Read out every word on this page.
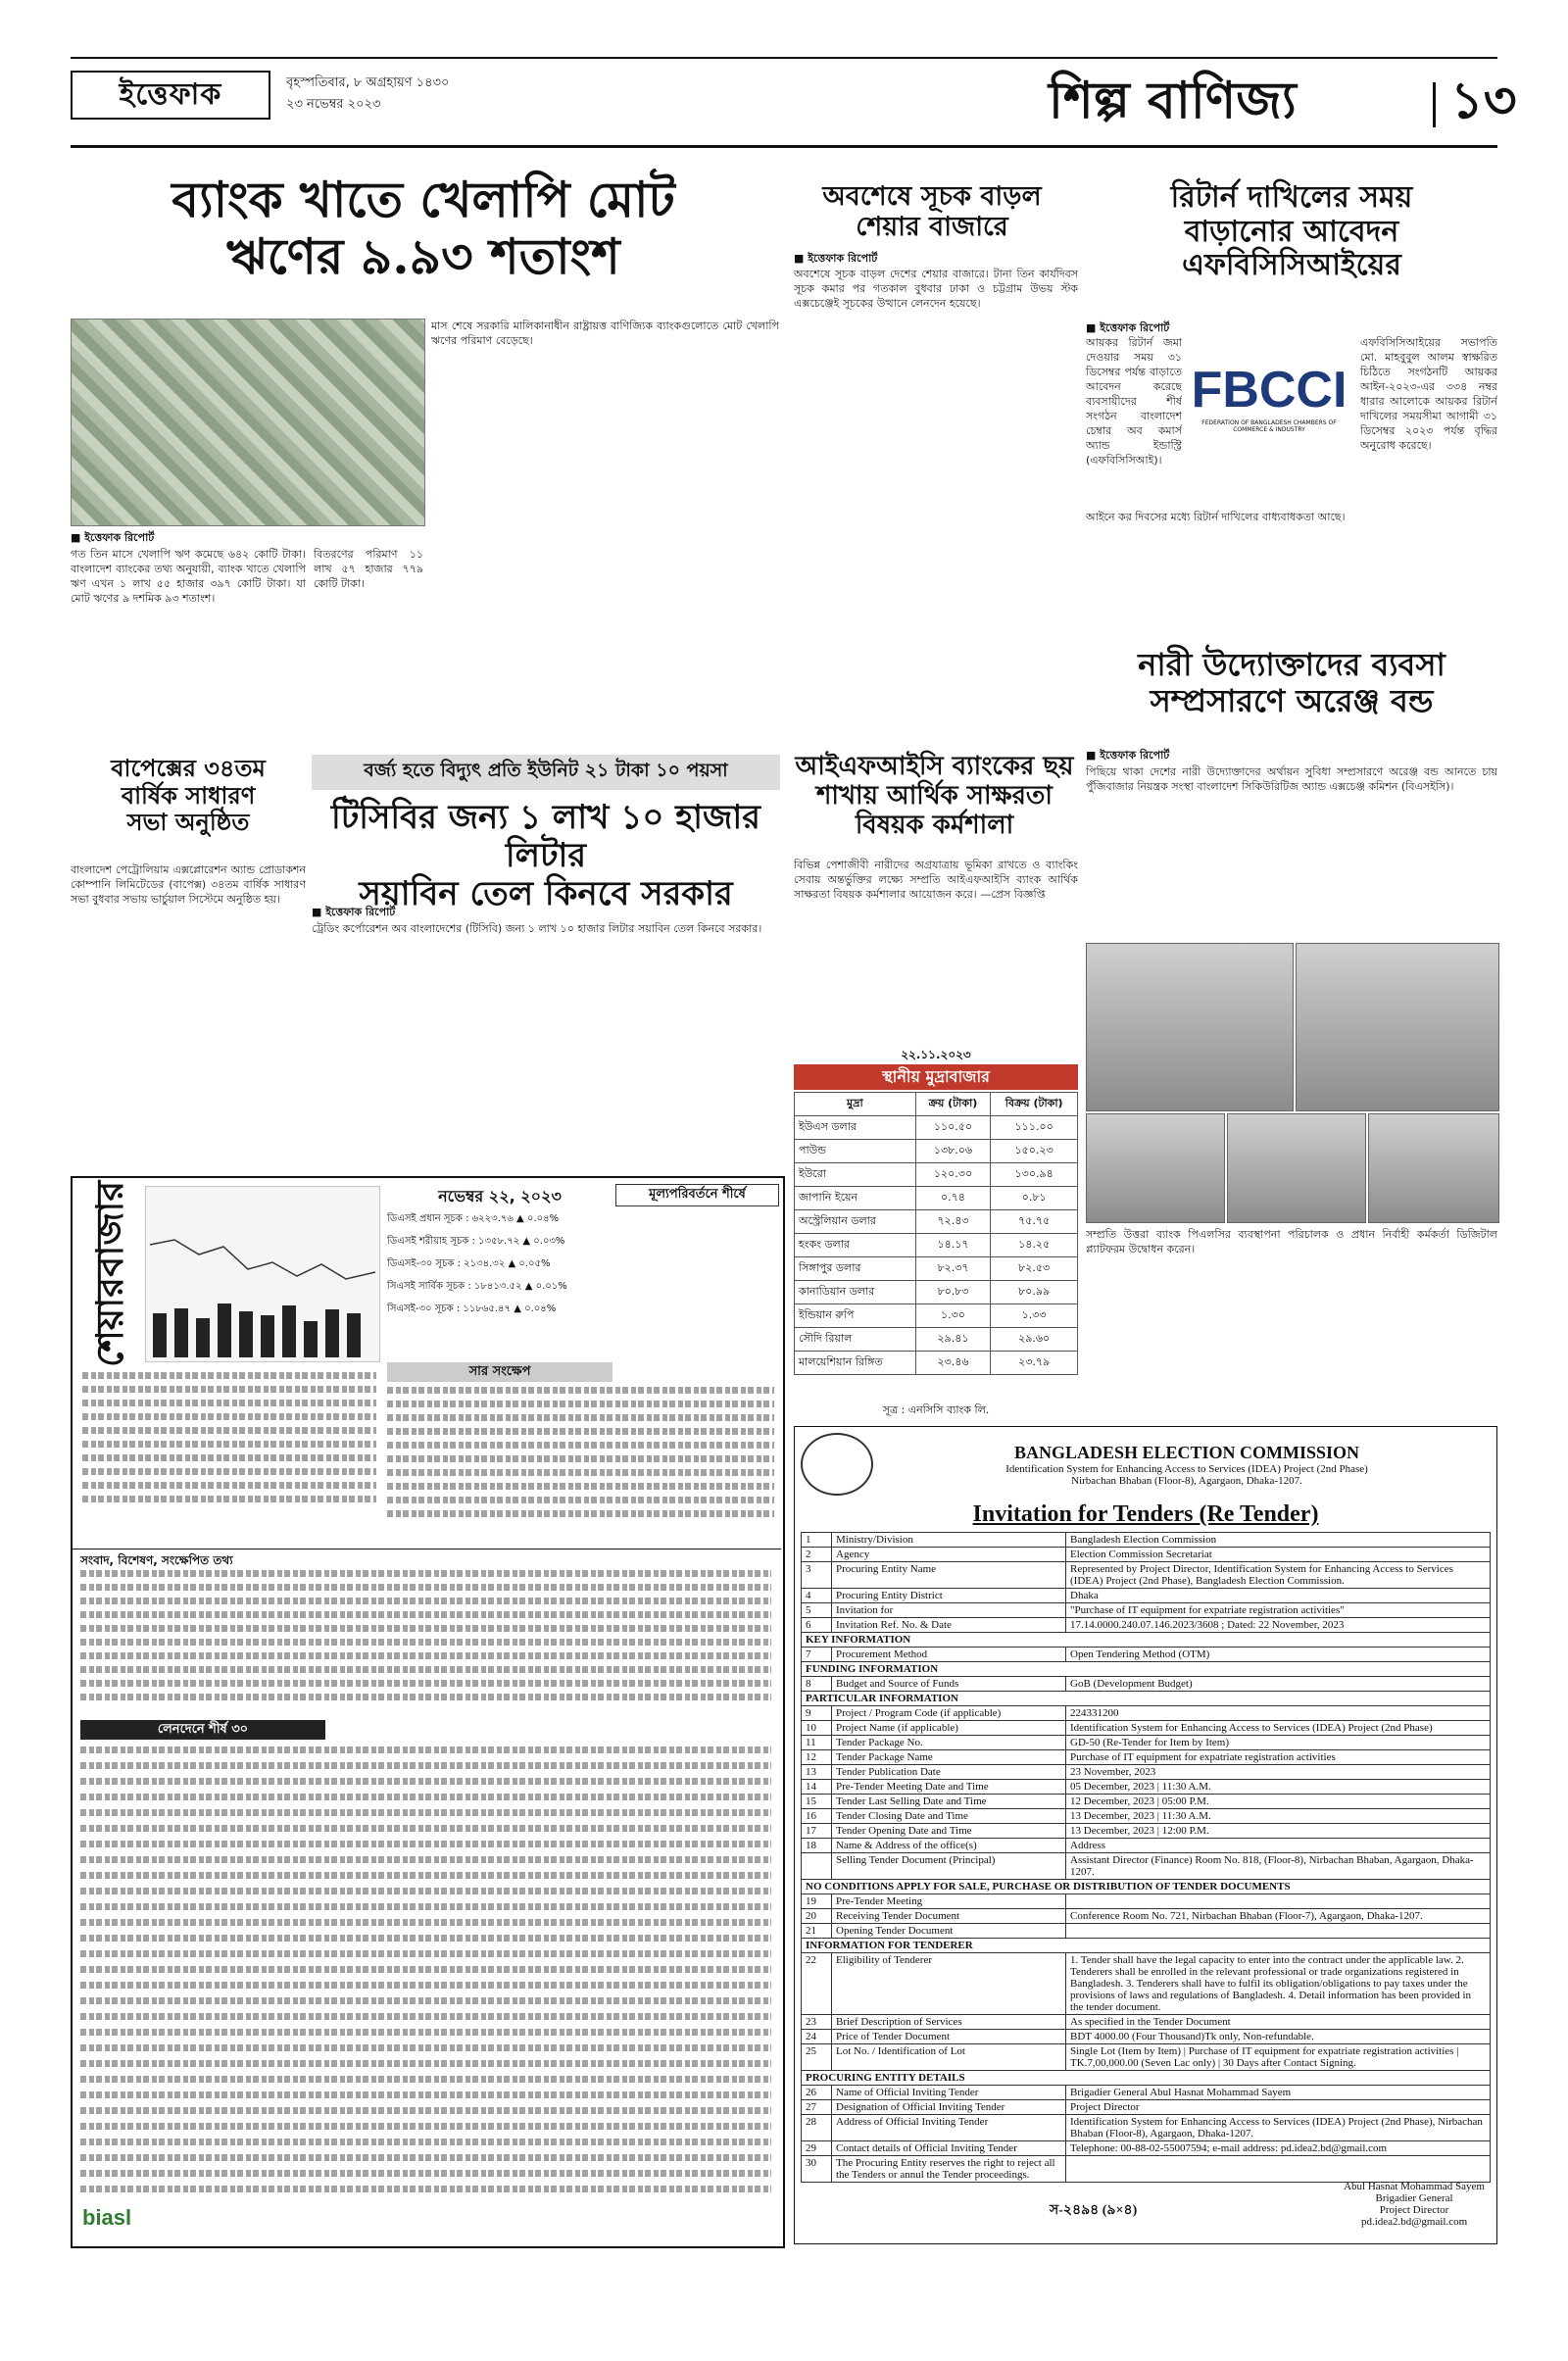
ইত্তেফাক	বৃহস্পতিবার, ৮ অগ্রহায়ণ ১৪৩০
২৩ নভেম্বর ২০২৩	শিল্প বাণিজ্য	১৩
ব্যাংক খাতে খেলাপি মোট
ঋণের ৯.৯৩ শতাংশ
■ ইত্তেফাক রিপোর্ট
গত তিন মাসে খেলাপি ঋণ কমেছে ৬৪২ কোটি টাকা। বাংলাদেশ ব্যাংকের তথ্য অনুযায়ী, ব্যাংক খাতে খেলাপি ঋণ এখন ১ লাখ ৫৫ হাজার ৩৯৭ কোটি টাকা। যা মোট ঋণের ৯ দশমিক ৯৩ শতাংশ।
বিতরণের পরিমাণ ১১ লাখ ৫৭ হাজার ৭৭৯ কোটি টাকা।
মাস শেষে সরকারি মালিকানাধীন রাষ্ট্রায়ত্ত বাণিজ্যিক ব্যাংকগুলোতে মোট খেলাপি ঋণের পরিমাণ বেড়েছে।
বাপেক্সের ৩৪তম
বার্ষিক সাধারণ
সভা অনুষ্ঠিত
বাংলাদেশ পেট্রোলিয়াম এক্সপ্লোরেশন অ্যান্ড প্রোডাকশন কোম্পানি লিমিটেডের (বাপেক্স) ৩৪তম বার্ষিক সাধারণ সভা বুধবার সভায় ভার্চুয়াল সিস্টেমে অনুষ্ঠিত হয়।
বর্জ্য হতে বিদ্যুৎ প্রতি ইউনিট ২১ টাকা ১০ পয়সা
টিসিবির জন্য ১ লাখ ১০ হাজার লিটার
সয়াবিন তেল কিনবে সরকার
■ ইত্তেফাক রিপোর্ট
ট্রেডিং কর্পোরেশন অব বাংলাদেশের (টিসিবি) জন্য ১ লাখ ১০ হাজার লিটার সয়াবিন তেল কিনবে সরকার।
অবশেষে সূচক বাড়ল
শেয়ার বাজারে
■ ইত্তেফাক রিপোর্ট
অবশেষে সূচক বাড়ল দেশের শেয়ার বাজারে। টানা তিন কার্যদিবস সূচক কমার পর গতকাল বুধবার ঢাকা ও চট্টগ্রাম উভয় স্টক এক্সচেঞ্জেই সূচকের উত্থানে লেনদেন হয়েছে।
আইএফআইসি ব্যাংকের ছয়
শাখায় আর্থিক সাক্ষরতা
বিষয়ক কর্মশালা
বিভিন্ন পেশাজীবী নারীদের অগ্রযাত্রায় ভূমিকা রাখতে ও ব্যাংকিং সেবায় অন্তর্ভুক্তির লক্ষ্যে সম্প্রতি আইএফআইসি ব্যাংক আর্থিক সাক্ষরতা বিষয়ক কর্মশালার আয়োজন করে। —প্রেস বিজ্ঞপ্তি
২২.১১.২০২৩
স্থানীয় মুদ্রাবাজার
মুদ্রা	ক্রয় (টাকা)	বিক্রয় (টাকা)
ইউএস ডলার	১১০.৫০	১১১.০০
পাউন্ড	১৩৮.০৬	১৫০.২৩
ইউরো	১২০.৩০	১৩০.৯৪
জাপানি ইয়েন	০.৭৪	০.৮১
অস্ট্রেলিয়ান ডলার	৭২.৪৩	৭৫.৭৫
হংকং ডলার	১৪.১৭	১৪.২৫
সিঙ্গাপুর ডলার	৮২.৩৭	৮২.৫৩
কানাডিয়ান ডলার	৮০.৮৩	৮০.৯৯
ইন্ডিয়ান রুপি	১.৩০	১.৩৩
সৌদি রিয়াল	২৯.৪১	২৯.৬০
মালয়েশিয়ান রিঙ্গিত	২৩.৪৬	২৩.৭৯
সূত্র : এনসিসি ব্যাংক লি.
রিটার্ন দাখিলের সময়
বাড়ানোর আবেদন
এফবিসিসিআইয়ের
■ ইত্তেফাক রিপোর্ট
FBCCI
FEDERATION OF BANGLADESH CHAMBERS OF COMMERCE & INDUSTRY
আয়কর রিটার্ন জমা দেওয়ার সময় ৩১ ডিসেম্বর পর্যন্ত বাড়াতে আবেদন করেছে ব্যবসায়ীদের শীর্ষ সংগঠন বাংলাদেশ চেম্বার অব কমার্স অ্যান্ড ইন্ডাস্ট্রি (এফবিসিসিআই)।
এফবিসিসিআইয়ের সভাপতি মো. মাহবুবুল আলম স্বাক্ষরিত চিঠিতে সংগঠনটি আয়কর আইন-২০২৩-এর ৩৩৪ নম্বর ধারার আলোকে আয়কর রিটার্ন দাখিলের সময়সীমা আগামী ৩১ ডিসেম্বর ২০২৩ পর্যন্ত বৃদ্ধির অনুরোধ করেছে।
আইনে কর দিবসের মধ্যে রিটার্ন দাখিলের বাধ্যবাধকতা আছে।
নারী উদ্যোক্তাদের ব্যবসা
সম্প্রসারণে অরেঞ্জ বন্ড
■ ইত্তেফাক রিপোর্ট
পিছিয়ে থাকা দেশের নারী উদ্যোক্তাদের অর্থায়ন সুবিধা সম্প্রসারণে অরেঞ্জ বন্ড আনতে চায় পুঁজিবাজার নিয়ন্ত্রক সংস্থা বাংলাদেশ সিকিউরিটিজ অ্যান্ড এক্সচেঞ্জ কমিশন (বিএসইসি)।
সম্প্রতি উত্তরা ব্যাংক পিএলসির ব্যবস্থাপনা পরিচালক ও প্রধান নির্বাহী কর্মকর্তা ডিজিটাল প্ল্যাটফরম উদ্বোধন করেন।
শেয়ারবাজার	নভেম্বর ২২, ২০২৩	মূল্যপরিবর্তনে শীর্ষে
ডিএসই প্রধান সূচক : ৬২২৩.৭৬ ▲ ০.০৪%
ডিএসই শরীয়াহ সূচক : ১৩৫৮.৭২ ▲ ০.০৩%
ডিএসই-৩০ সূচক : ২১৩৪.৩২ ▲ ০.০৫%
সিএসই সার্বিক সূচক : ১৮৪১৩.৫২ ▲ ০.০১%
সিএসই-৩০ সূচক : ১১৮৬৫.৪৭ ▲ ০.০৪%
সার সংক্ষেপ
সংবাদ, বিশেষণ, সংক্ষেপিত তথ্য
লেনদেনে শীর্ষ ৩০
biasl
BANGLADESH ELECTION COMMISSION
Identification System for Enhancing Access to Services (IDEA) Project (2nd Phase)
Nirbachan Bhaban (Floor-8), Agargaon, Dhaka-1207.
Invitation for Tenders (Re Tender)
1	Ministry/Division	Bangladesh Election Commission
2	Agency	Election Commission Secretariat
3	Procuring Entity Name	Represented by Project Director, Identification System for Enhancing Access to Services (IDEA) Project (2nd Phase), Bangladesh Election Commission.
4	Procuring Entity District	Dhaka
5	Invitation for	"Purchase of IT equipment for expatriate registration activities"
6	Invitation Ref. No. & Date	17.14.0000.240.07.146.2023/3608 ; Dated: 22 November, 2023
KEY INFORMATION		
7	Procurement Method	Open Tendering Method (OTM)
FUNDING INFORMATION		
8	Budget and Source of Funds	GoB (Development Budget)
PARTICULAR INFORMATION		
9	Project / Program Code (if applicable)	224331200
10	Project Name (if applicable)	Identification System for Enhancing Access to Services (IDEA) Project (2nd Phase)
11	Tender Package No.	GD-50 (Re-Tender for Item by Item)
12	Tender Package Name	Purchase of IT equipment for expatriate registration activities
13	Tender Publication Date	23 November, 2023
14	Pre-Tender Meeting Date and Time	05 December, 2023 | 11:30 A.M.
15	Tender Last Selling Date and Time	12 December, 2023 | 05:00 P.M.
16	Tender Closing Date and Time	13 December, 2023 | 11:30 A.M.
17	Tender Opening Date and Time	13 December, 2023 | 12:00 P.M.
18	Name & Address of the office(s)	Address
	Selling Tender Document (Principal)	Assistant Director (Finance) Room No. 818, (Floor-8), Nirbachan Bhaban, Agargaon, Dhaka-1207.
NO CONDITIONS APPLY FOR SALE, PURCHASE OR DISTRIBUTION OF TENDER DOCUMENTS		
19	Pre-Tender Meeting	
20	Receiving Tender Document	Conference Room No. 721, Nirbachan Bhaban (Floor-7), Agargaon, Dhaka-1207.
21	Opening Tender Document	
INFORMATION FOR TENDERER		
22	Eligibility of Tenderer	1. Tender shall have the legal capacity to enter into the contract under the applicable law. 2. Tenderers shall be enrolled in the relevant professional or trade organizations registered in Bangladesh. 3. Tenderers shall have to fulfil its obligation/obligations to pay taxes under the provisions of laws and regulations of Bangladesh. 4. Detail information has been provided in the tender document.
23	Brief Description of Services	As specified in the Tender Document
24	Price of Tender Document	BDT 4000.00 (Four Thousand)Tk only, Non-refundable.
25	Lot No. / Identification of Lot	Single Lot (Item by Item) | Purchase of IT equipment for expatriate registration activities | TK.7,00,000.00 (Seven Lac only) | 30 Days after Contact Signing.
PROCURING ENTITY DETAILS		
26	Name of Official Inviting Tender	Brigadier General Abul Hasnat Mohammad Sayem
27	Designation of Official Inviting Tender	Project Director
28	Address of Official Inviting Tender	Identification System for Enhancing Access to Services (IDEA) Project (2nd Phase), Nirbachan Bhaban (Floor-8), Agargaon, Dhaka-1207.
29	Contact details of Official Inviting Tender	Telephone: 00-88-02-55007594; e-mail address: pd.idea2.bd@gmail.com
30	The Procuring Entity reserves the right to reject all the Tenders or annul the Tender proceedings.	
Abul Hasnat Mohammad Sayem
Brigadier General
Project Director
pd.idea2.bd@gmail.com
স-২৪৯৪ (৯×৪)
